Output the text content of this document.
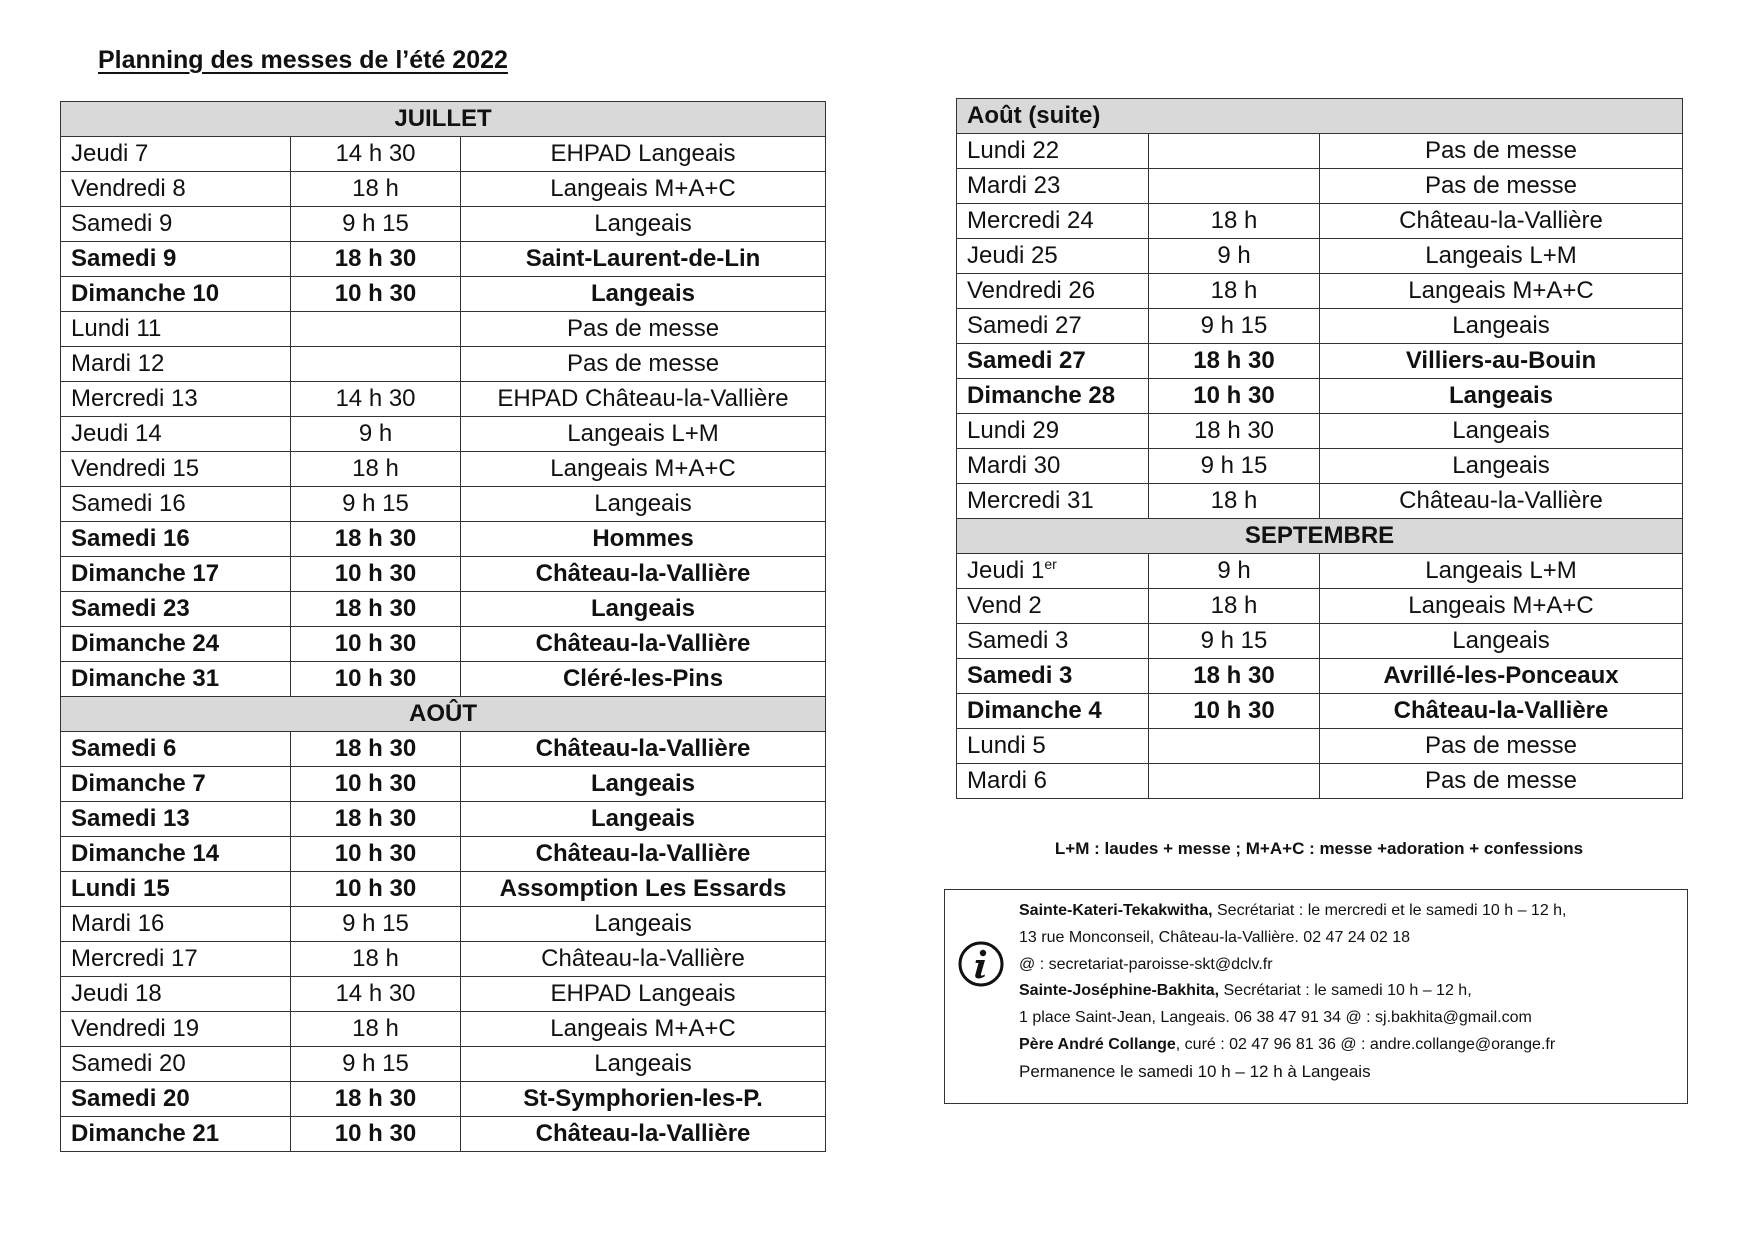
Planning des messes de l’été 2022
JUILLET		
Jeudi 7	14 h 30	EHPAD Langeais
Vendredi 8	18 h	Langeais M+A+C
Samedi 9	9 h 15	Langeais
Samedi 9	18 h 30	Saint-Laurent-de-Lin
Dimanche 10	10 h 30	Langeais
Lundi 11		Pas de messe
Mardi 12		Pas de messe
Mercredi 13	14 h 30	EHPAD Château-la-Vallière
Jeudi 14	9 h	Langeais L+M
Vendredi 15	18 h	Langeais M+A+C
Samedi 16	9 h 15	Langeais
Samedi 16	18 h 30	Hommes
Dimanche 17	10 h 30	Château-la-Vallière
Samedi 23	18 h 30	Langeais
Dimanche 24	10 h 30	Château-la-Vallière
Dimanche 31	10 h 30	Cléré-les-Pins
AOÛT		
Samedi 6	18 h 30	Château-la-Vallière
Dimanche 7	10 h 30	Langeais
Samedi 13	18 h 30	Langeais
Dimanche 14	10 h 30	Château-la-Vallière
Lundi 15	10 h 30	Assomption Les Essards
Mardi 16	9 h 15	Langeais
Mercredi 17	18 h	Château-la-Vallière
Jeudi 18	14 h 30	EHPAD Langeais
Vendredi 19	18 h	Langeais M+A+C
Samedi 20	9 h 15	Langeais
Samedi 20	18 h 30	St-Symphorien-les-P.
Dimanche 21	10 h 30	Château-la-Vallière
Août (suite)		
Lundi 22		Pas de messe
Mardi 23		Pas de messe
Mercredi 24	18 h	Château-la-Vallière
Jeudi 25	9 h	Langeais L+M
Vendredi 26	18 h	Langeais M+A+C
Samedi 27	9 h 15	Langeais
Samedi 27	18 h 30	Villiers-au-Bouin
Dimanche 28	10 h 30	Langeais
Lundi 29	18 h 30	Langeais
Mardi 30	9 h 15	Langeais
Mercredi 31	18 h	Château-la-Vallière
SEPTEMBRE		
Jeudi 1er	9 h	Langeais L+M
Vend 2	18 h	Langeais M+A+C
Samedi 3	9 h 15	Langeais
Samedi 3	18 h 30	Avrillé-les-Ponceaux
Dimanche 4	10 h 30	Château-la-Vallière
Lundi 5		Pas de messe
Mardi 6		Pas de messe
L+M : laudes + messe ; M+A+C : messe +adoration + confessions
Sainte-Kateri-Tekakwitha, Secrétariat : le mercredi et le samedi 10 h – 12 h,
13 rue Monconseil, Château-la-Vallière. 02 47 24 02 18
@ : secretariat-paroisse-skt@dclv.fr
Sainte-Joséphine-Bakhita, Secrétariat : le samedi 10 h – 12 h,
1 place Saint-Jean, Langeais. 06 38 47 91 34 @ : sj.bakhita@gmail.com
Père André Collange, curé : 02 47 96 81 36 @ : andre.collange@orange.fr
Permanence le samedi 10 h – 12 h à Langeais
